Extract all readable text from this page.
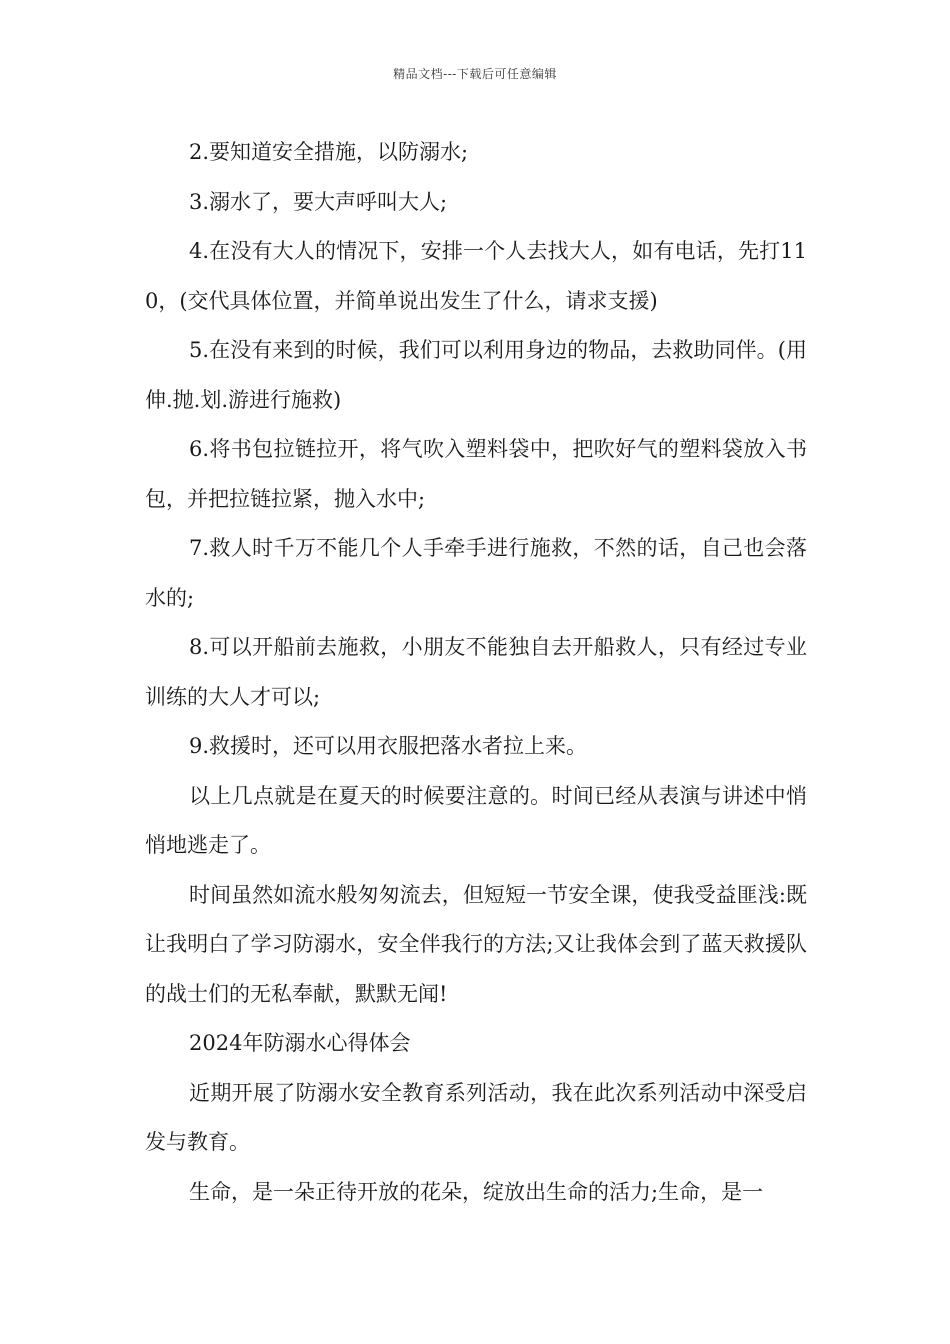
精品文档---下载后可任意编辑

2.要知道安全措施，以防溺水;

3.溺水了，要大声呼叫大人;

4.在没有大人的情况下，安排一个人去找大人，如有电话，先打110，(交代具体位置，并简单说出发生了什么，请求支援)

5.在没有来到的时候，我们可以利用身边的物品，去救助同伴。(用伸.抛.划.游进行施救)

6.将书包拉链拉开，将气吹入塑料袋中，把吹好气的塑料袋放入书包，并把拉链拉紧，抛入水中;

7.救人时千万不能几个人手牵手进行施救，不然的话，自己也会落水的;

8.可以开船前去施救，小朋友不能独自去开船救人，只有经过专业训练的大人才可以;

9.救援时，还可以用衣服把落水者拉上来。

以上几点就是在夏天的时候要注意的。时间已经从表演与讲述中悄悄地逃走了。

时间虽然如流水般匆匆流去，但短短一节安全课，使我受益匪浅:既让我明白了学习防溺水，安全伴我行的方法;又让我体会到了蓝天救援队的战士们的无私奉献，默默无闻!

2024年防溺水心得体会

近期开展了防溺水安全教育系列活动，我在此次系列活动中深受启发与教育。

生命，是一朵正待开放的花朵，绽放出生命的活力;生命，是一
